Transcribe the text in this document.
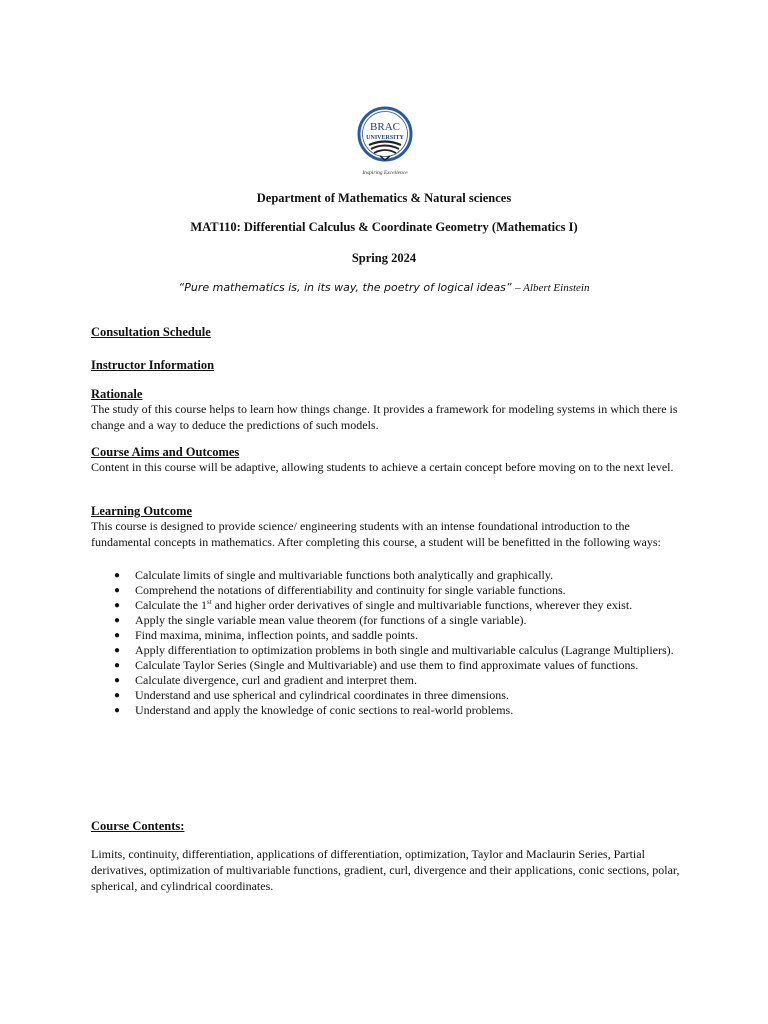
BRAC
UNIVERSITY
Inspiring Excellence
Department of Mathematics & Natural sciences
MAT110: Differential Calculus & Coordinate Geometry (Mathematics I)
Spring 2024
“Pure mathematics is, in its way, the poetry of logical ideas” – Albert Einstein
Consultation Schedule
Instructor Information
Rationale
The study of this course helps to learn how things change. It provides a framework for modeling systems in which there is change and a way to deduce the predictions of such models.
Course Aims and Outcomes
Content in this course will be adaptive, allowing students to achieve a certain concept before moving on to the next level.
Learning Outcome
This course is designed to provide science/ engineering students with an intense foundational introduction to the fundamental concepts in mathematics. After completing this course, a student will be benefitted in the following ways:
● Calculate limits of single and multivariable functions both analytically and graphically.
● Comprehend the notations of differentiability and continuity for single variable functions.
● Calculate the 1st and higher order derivatives of single and multivariable functions, wherever they exist.
● Apply the single variable mean value theorem (for functions of a single variable).
● Find maxima, minima, inflection points, and saddle points.
● Apply differentiation to optimization problems in both single and multivariable calculus (Lagrange Multipliers).
● Calculate Taylor Series (Single and Multivariable) and use them to find approximate values of functions.
● Calculate divergence, curl and gradient and interpret them.
● Understand and use spherical and cylindrical coordinates in three dimensions.
● Understand and apply the knowledge of conic sections to real-world problems.
Course Contents:
Limits, continuity, differentiation, applications of differentiation, optimization, Taylor and Maclaurin Series, Partial derivatives, optimization of multivariable functions, gradient, curl, divergence and their applications, conic sections, polar, spherical, and cylindrical coordinates.
